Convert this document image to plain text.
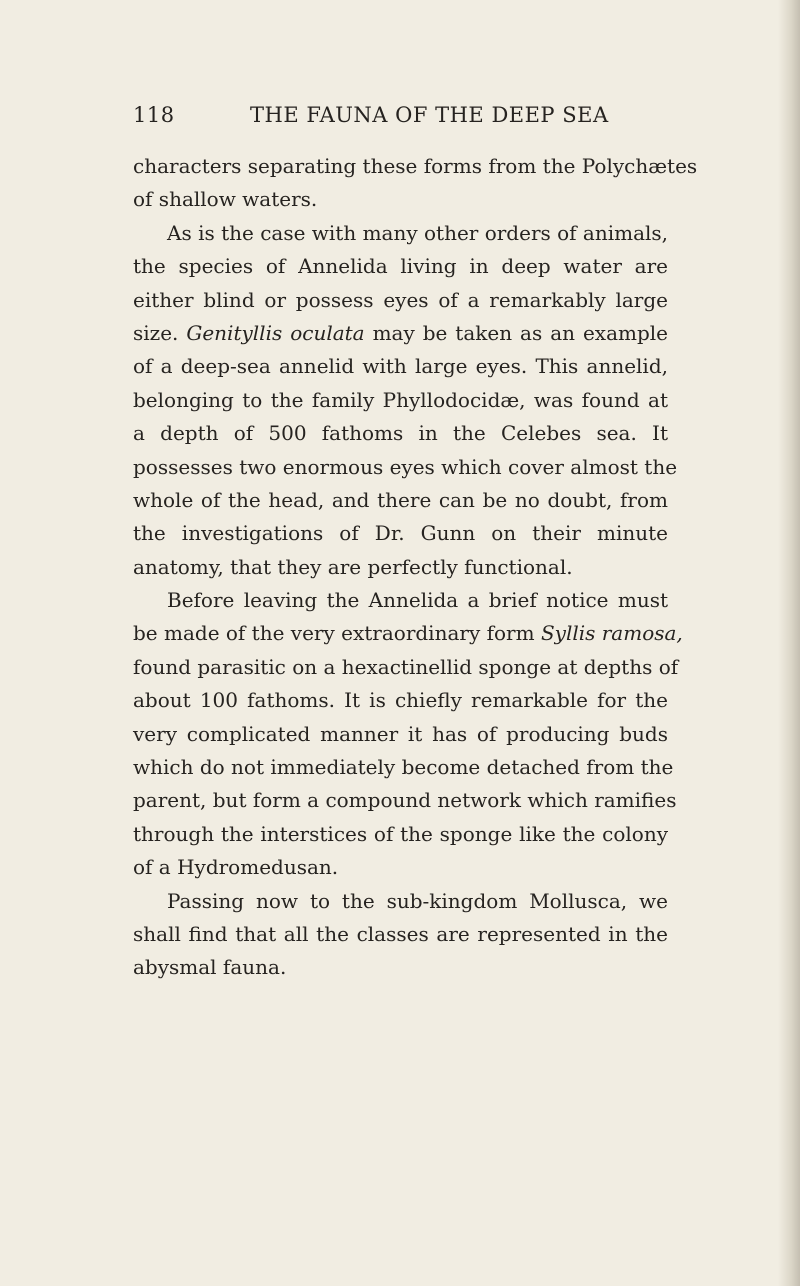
118	THE FAUNA OF THE DEEP SEA
characters separating these forms from the Polychætes
of shallow waters.
As is the case with many other orders of animals,
the species of Annelida living in deep water are
either blind or possess eyes of a remarkably large
size. Genityllis oculata may be taken as an example
of a deep-sea annelid with large eyes. This annelid,
belonging to the family Phyllodocidæ, was found at
a depth of 500 fathoms in the Celebes sea. It
possesses two enormous eyes which cover almost the
whole of the head, and there can be no doubt, from
the investigations of Dr. Gunn on their minute
anatomy, that they are perfectly functional.
Before leaving the Annelida a brief notice must
be made of the very extraordinary form Syllis ramosa,
found parasitic on a hexactinellid sponge at depths of
about 100 fathoms. It is chiefly remarkable for the
very complicated manner it has of producing buds
which do not immediately become detached from the
parent, but form a compound network which ramifies
through the interstices of the sponge like the colony
of a Hydromedusan.
Passing now to the sub-kingdom Mollusca, we
shall find that all the classes are represented in the
abysmal fauna.
